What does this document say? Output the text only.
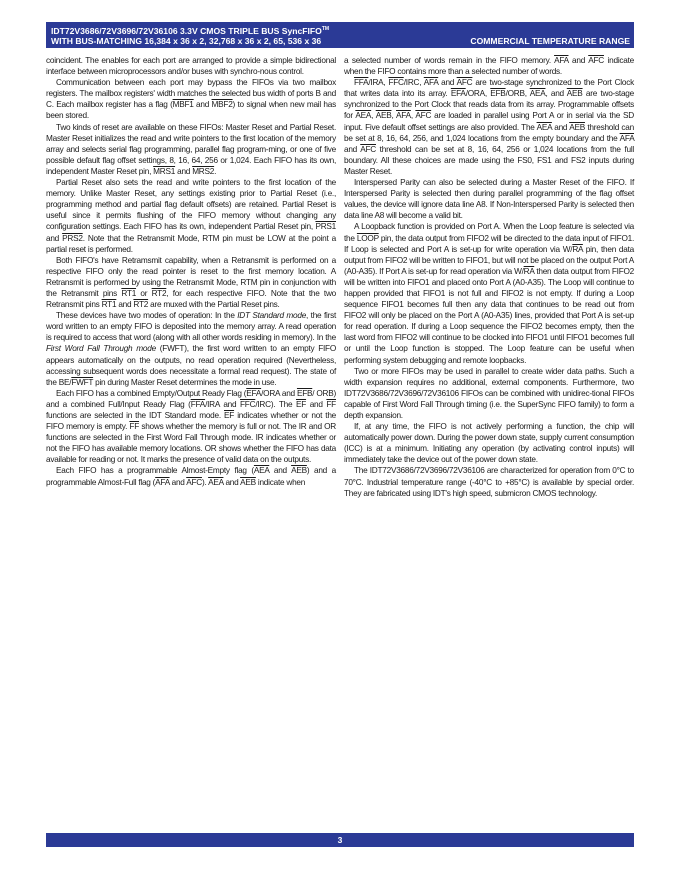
IDT72V3686/72V3696/72V36106 3.3V CMOS TRIPLE BUS SyncFIFO™
WITH BUS-MATCHING 16,384 x 36 x 2, 32,768 x 36 x 2, 65, 536 x 36	COMMERCIAL TEMPERATURE RANGE

coincident. The enables for each port are arranged to provide a simple bidirectional interface between microprocessors and/or buses with synchro-nous control.

Communication between each port may bypass the FIFOs via two mailbox registers. The mailbox registers' width matches the selected bus width of ports B and C. Each mailbox register has a flag (MBF1 and MBF2) to signal when new mail has been stored.

Two kinds of reset are available on these FIFOs: Master Reset and Partial Reset. Master Reset initializes the read and write pointers to the first location of the memory array and selects serial flag programming, parallel flag program-ming, or one of five possible default flag offset settings, 8, 16, 64, 256 or 1,024. Each FIFO has its own, independent Master Reset pin, MRS1 and MRS2.

Partial Reset also sets the read and write pointers to the first location of the memory. Unlike Master Reset, any settings existing prior to Partial Reset (i.e., programming method and partial flag default offsets) are retained. Partial Reset is useful since it permits flushing of the FIFO memory without changing any configuration settings. Each FIFO has its own, independent Partial Reset pin, PRS1 and PRS2. Note that the Retransmit Mode, RTM pin must be LOW at the point a partial reset is performed.

Both FIFO's have Retramsmit capability, when a Retransmit is performed on a respective FIFO only the read pointer is reset to the first memory location. A Retransmit is performed by using the Retransmit Mode, RTM pin in conjunction with the Retransmit pins RT1 or RT2, for each respective FIFO. Note that the two Retransmit pins RT1 and RT2 are muxed with the Partial Reset pins.

These devices have two modes of operation: In the IDT Standard mode, the first word written to an empty FIFO is deposited into the memory array. A read operation is required to access that word (along with all other words residing in memory). In the First Word Fall Through mode (FWFT), the first word written to an empty FIFO appears automatically on the outputs, no read operation required (Nevertheless, accessing subsequent words does necessitate a formal read request). The state of the BE/FWFT pin during Master Reset determines the mode in use.

Each FIFO has a combined Empty/Output Ready Flag ($\overline{EFA}$/ORA and $\overline{EFB}/$ ORB) and a combined Full/Input Ready Flag ($\overline{FFA}$/IRA and $\overline{FFC}/IRC$). The $\overline{EF}$ and $\overline{FF}$ functions are selected in the IDT Standard mode. $\overline{EF}$ indicates whether or not the FIFO memory is empty. $\overline{FF}$ shows whether the memory is full or not. The IR and OR functions are selected in the First Word Fall Through mode. IR indicates whether or not the FIFO has available memory locations. OR shows whether the FIFO has data available for reading or not. It marks the presence of valid data on the outputs.

Each FIFO has a programmable Almost-Empty flag ($\overline{AEA}$ and $\overline{AEB}$) and a programmable Almost-Full flag ($\overline{AFA}$ and $\overline{AFC}$). $\overline{AEA}$ and $\overline{AEB}$ indicate when

a selected number of words remain in the FIFO memory. $\overline{AFA}$ and $\overline{AFC}$ indicate when the FIFO contains more than a selected number of words.

$\overline{FFA}$/IRA, $\overline{FFC}$/IRC, $\overline{AFA}$ and $\overline{AFC}$ are two-stage synchronized to the Port Clock that writes data into its array. $\overline{EFA}$/ORA, $\overline{EFB}$/ORB, $\overline{AEA}$, and $\overline{AEB}$ are two-stage synchronized to the Port Clock that reads data from its array. Programmable offsets for $\overline{AEA}$, $\overline{AEB}$, $\overline{AFA}$, $\overline{AFC}$ are loaded in parallel using Port A or in serial via the SD input. Five default offset settings are also provided. The $\overline{AEA}$ and $\overline{AEB}$ threshold can be set at 8, 16, 64, 256, and 1,024 locations from the empty boundary and the $\overline{AFA}$ and $\overline{AFC}$ threshold can be set at 8, 16, 64, 256 or 1,024 locations from the full boundary. All these choices are made using the FS0, FS1 and FS2 inputs during Master Reset.

Interspersed Parity can also be selected during a Master Reset of the FIFO. If Interspersed Parity is selected then during parallel programming of the flag offset values, the device will ignore data line A8. If Non-Interspersed Parity is selected then data line A8 will become a valid bit.

A Loopback function is provided on Port A. When the Loop feature is selected via the LOOP pin, the data output from FIFO2 will be directed to the data input of FIFO1. If Loop is selected and Port A is set-up for write operation via $W/\overline{RA}$ pin, then data output from FIFO2 will be written to FIFO1, but will not be placed on the output Port A (A0-A35). If Port A is set-up for read operation via $W/\overline{RA}$ then data output from FIFO2 will be written into FIFO1 and placed onto Port A (A0-A35). The Loop will continue to happen provided that FIFO1 is not full and FIFO2 is not empty. If during a Loop sequence FIFO1 becomes full then any data that continues to be read out from FIFO2 will only be placed on the Port A (A0-A35) lines, provided that Port A is set-up for read operation. If during a Loop sequence the FIFO2 becomes empty, then the last word from FIFO2 will continue to be clocked into FIFO1 until FIFO1 becomes full or until the Loop function is stopped. The Loop feature can be useful when performing system debugging and remote loopbacks.

Two or more FIFOs may be used in parallel to create wider data paths. Such a width expansion requires no additional, external components. Furthermore, two IDT72V3686/72V3696/72V36106 FIFOs can be combined with unidirec-tional FIFOs capable of First Word Fall Through timing (i.e. the SuperSync FIFO family) to form a depth expansion.

If, at any time, the FIFO is not actively performing a function, the chip will automatically power down. During the power down state, supply current consumption (ICC) is at a minimum. Initiating any operation (by activating control inputs) will immediately take the device out of the power down state.

The IDT72V3686/72V3696/72V36106 are characterized for operation from 0°C to 70°C. Industrial temperature range (-40°C to +85°C) is available by special order. They are fabricated using IDT's high speed, submicron CMOS technology.

3
